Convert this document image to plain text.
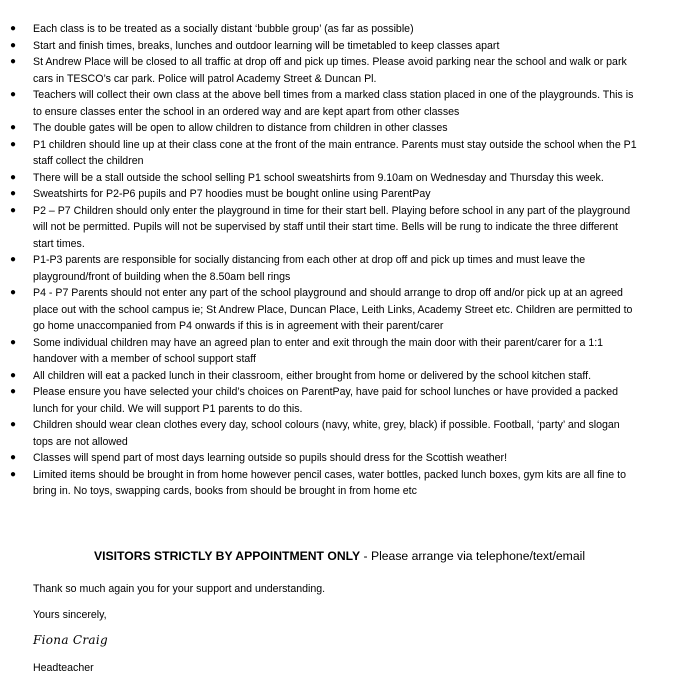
● Each class is to be treated as a socially distant ‘bubble group’ (as far as possible)
● Start and finish times, breaks, lunches and outdoor learning will be timetabled to keep classes apart
● St Andrew Place will be closed to all traffic at drop off and pick up times. Please avoid parking near the school and walk or park cars in TESCO’s car park. Police will patrol Academy Street & Duncan Pl.
● Teachers will collect their own class at the above bell times from a marked class station placed in one of the playgrounds. This is to ensure classes enter the school in an ordered way and are kept apart from other classes
● The double gates will be open to allow children to distance from children in other classes
● P1 children should line up at their class cone at the front of the main entrance. Parents must stay outside the school when the P1 staff collect the children
● There will be a stall outside the school selling P1 school sweatshirts from 9.10am on Wednesday and Thursday this week.
● Sweatshirts for P2-P6 pupils and P7 hoodies must be bought online using ParentPay
● P2 – P7 Children should only enter the playground in time for their start bell. Playing before school in any part of the playground will not be permitted. Pupils will not be supervised by staff until their start time. Bells will be rung to indicate the three different start times.
● P1-P3 parents are responsible for socially distancing from each other at drop off and pick up times and must leave the playground/front of building when the 8.50am bell rings
● P4 - P7 Parents should not enter any part of the school playground and should arrange to drop off and/or pick up at an agreed place out with the school campus ie; St Andrew Place, Duncan Place, Leith Links, Academy Street etc. Children are permitted to go home unaccompanied from P4 onwards if this is in agreement with their parent/carer
● Some individual children may have an agreed plan to enter and exit through the main door with their parent/carer for a 1:1 handover with a member of school support staff
● All children will eat a packed lunch in their classroom, either brought from home or delivered by the school kitchen staff.
● Please ensure you have selected your child’s choices on ParentPay, have paid for school lunches or have provided a packed lunch for your child. We will support P1 parents to do this.
● Children should wear clean clothes every day, school colours (navy, white, grey, black) if possible. Football, ‘party’ and slogan tops are not allowed
● Classes will spend part of most days learning outside so pupils should dress for the Scottish weather!
● Limited items should be brought in from home however pencil cases, water bottles, packed lunch boxes, gym kits are all fine to bring in. No toys, swapping cards, books from should be brought in from home etc
VISITORS STRICTLY BY APPOINTMENT ONLY - Please arrange via telephone/text/email
Thank so much again you for your support and understanding.
Yours sincerely,
Fiona Craig
Headteacher
